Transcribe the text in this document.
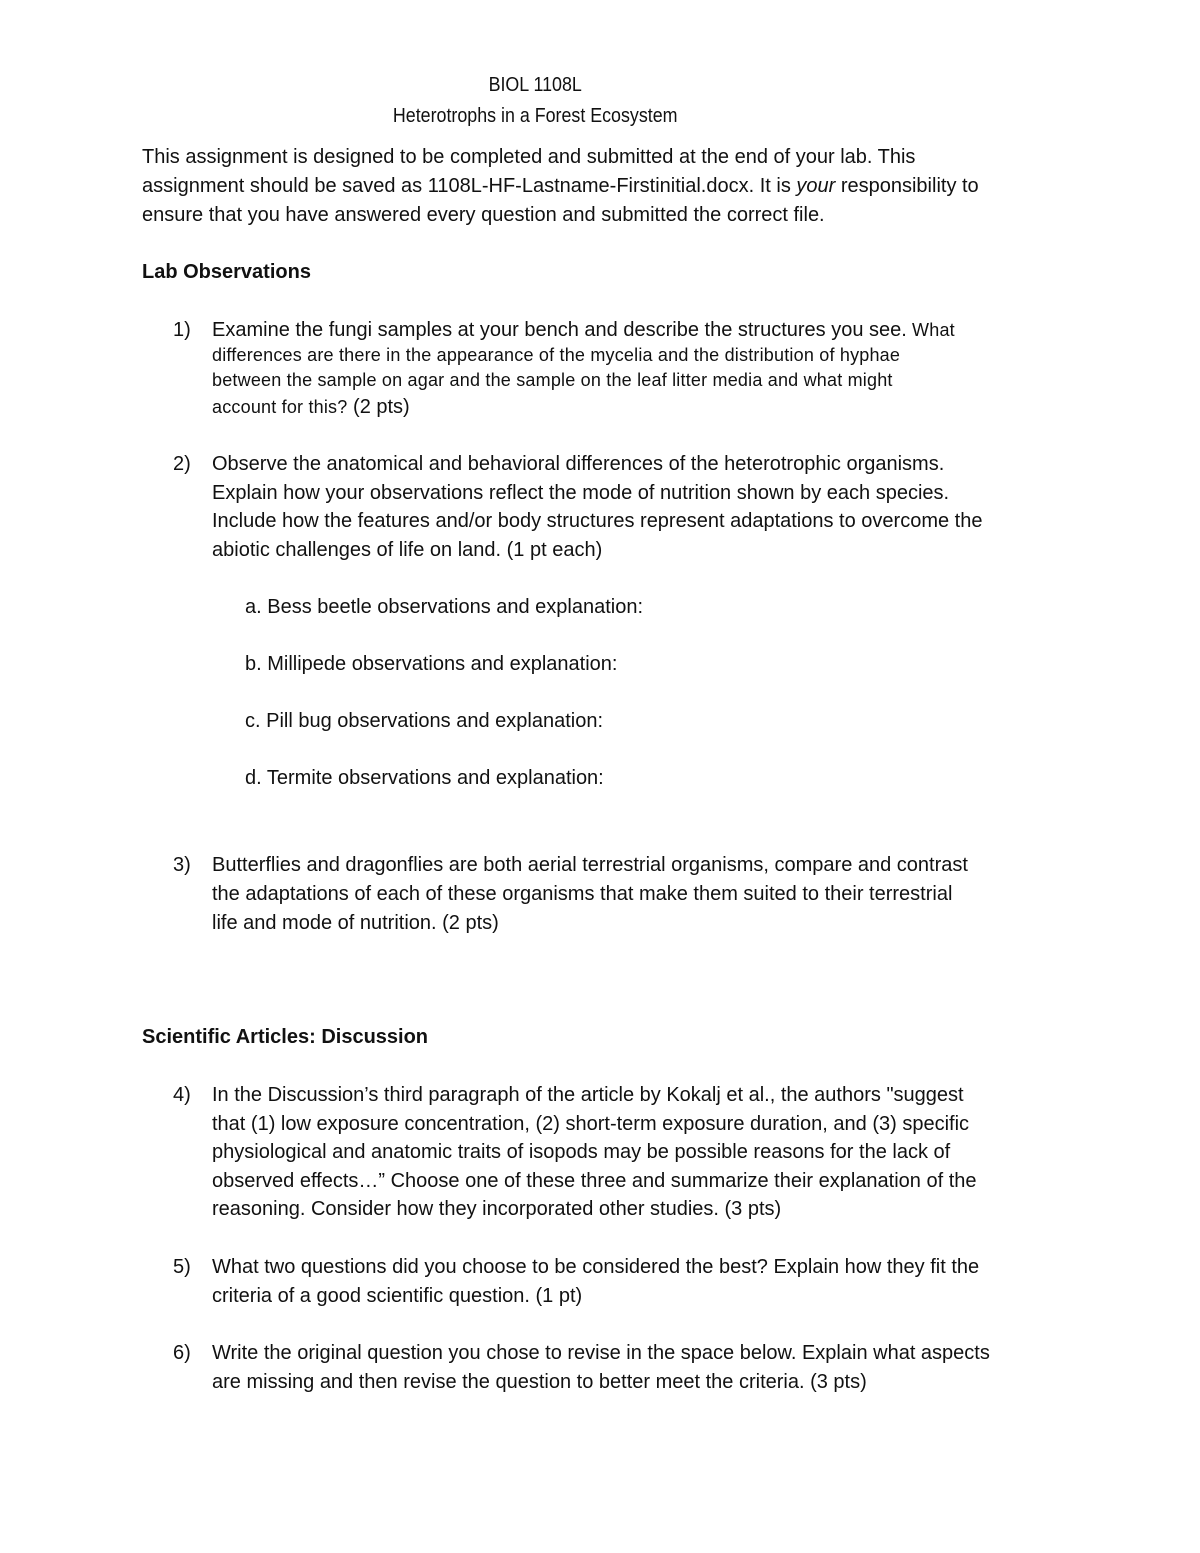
BIOL 1108L
Heterotrophs in a Forest Ecosystem
This assignment is designed to be completed and submitted at the end of your lab. This
assignment should be saved as 1108L-HF-Lastname-Firstinitial.docx. It is your responsibility to
ensure that you have answered every question and submitted the correct file.
Lab Observations
1) Examine the fungi samples at your bench and describe the structures you see. What
differences are there in the appearance of the mycelia and the distribution of hyphae
between the sample on agar and the sample on the leaf litter media and what might
account for this? (2 pts)
2) Observe the anatomical and behavioral differences of the heterotrophic organisms.
Explain how your observations reflect the mode of nutrition shown by each species.
Include how the features and/or body structures represent adaptations to overcome the
abiotic challenges of life on land. (1 pt each)
a. Bess beetle observations and explanation:
b. Millipede observations and explanation:
c. Pill bug observations and explanation:
d. Termite observations and explanation:
3) Butterflies and dragonflies are both aerial terrestrial organisms, compare and contrast
the adaptations of each of these organisms that make them suited to their terrestrial
life and mode of nutrition. (2 pts)
Scientific Articles: Discussion
4) In the Discussion’s third paragraph of the article by Kokalj et al., the authors "suggest
that (1) low exposure concentration, (2) short-term exposure duration, and (3) specific
physiological and anatomic traits of isopods may be possible reasons for the lack of
observed effects…” Choose one of these three and summarize their explanation of the
reasoning. Consider how they incorporated other studies. (3 pts)
5) What two questions did you choose to be considered the best? Explain how they fit the
criteria of a good scientific question. (1 pt)
6) Write the original question you chose to revise in the space below. Explain what aspects
are missing and then revise the question to better meet the criteria. (3 pts)
